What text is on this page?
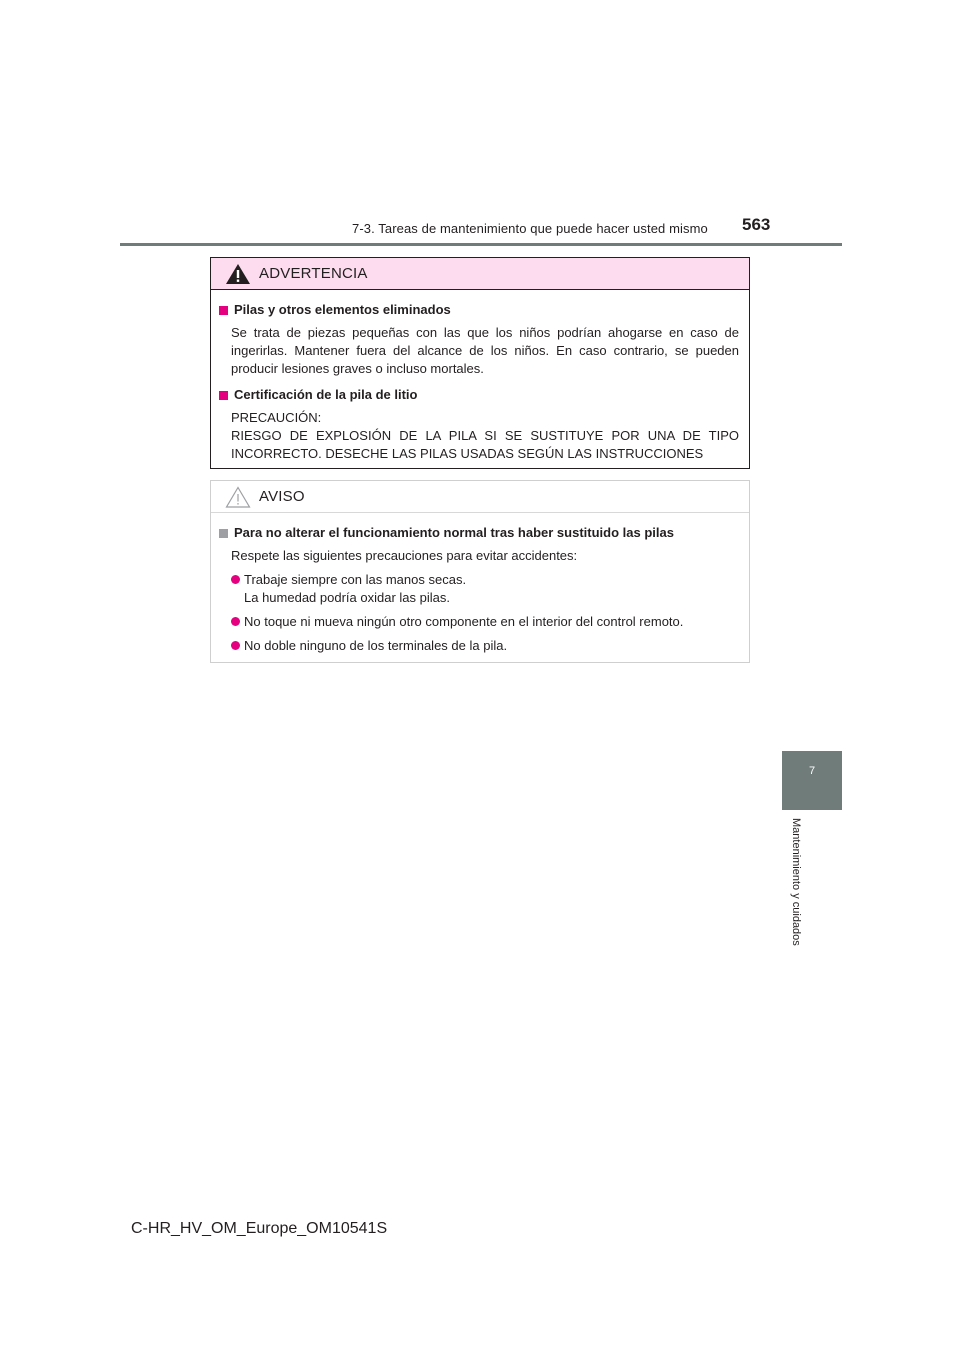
7-3. Tareas de mantenimiento que puede hacer usted mismo 563
7
Mantenimiento y cuidados
ADVERTENCIA
Pilas y otros elementos eliminados
Se trata de piezas pequeñas con las que los niños podrían ahogarse en caso de ingerirlas. Mantener fuera del alcance de los niños. En caso contrario, se pueden producir lesiones graves o incluso mortales.
Certificación de la pila de litio
PRECAUCIÓN:
RIESGO DE EXPLOSIÓN DE LA PILA SI SE SUSTITUYE POR UNA DE TIPO INCORRECTO. DESECHE LAS PILAS USADAS SEGÚN LAS INSTRUCCIONES
AVISO
Para no alterar el funcionamiento normal tras haber sustituido las pilas
Respete las siguientes precauciones para evitar accidentes:
Trabaje siempre con las manos secas.
La humedad podría oxidar las pilas.
No toque ni mueva ningún otro componente en el interior del control remoto.
No doble ninguno de los terminales de la pila.
C-HR_HV_OM_Europe_OM10541S
